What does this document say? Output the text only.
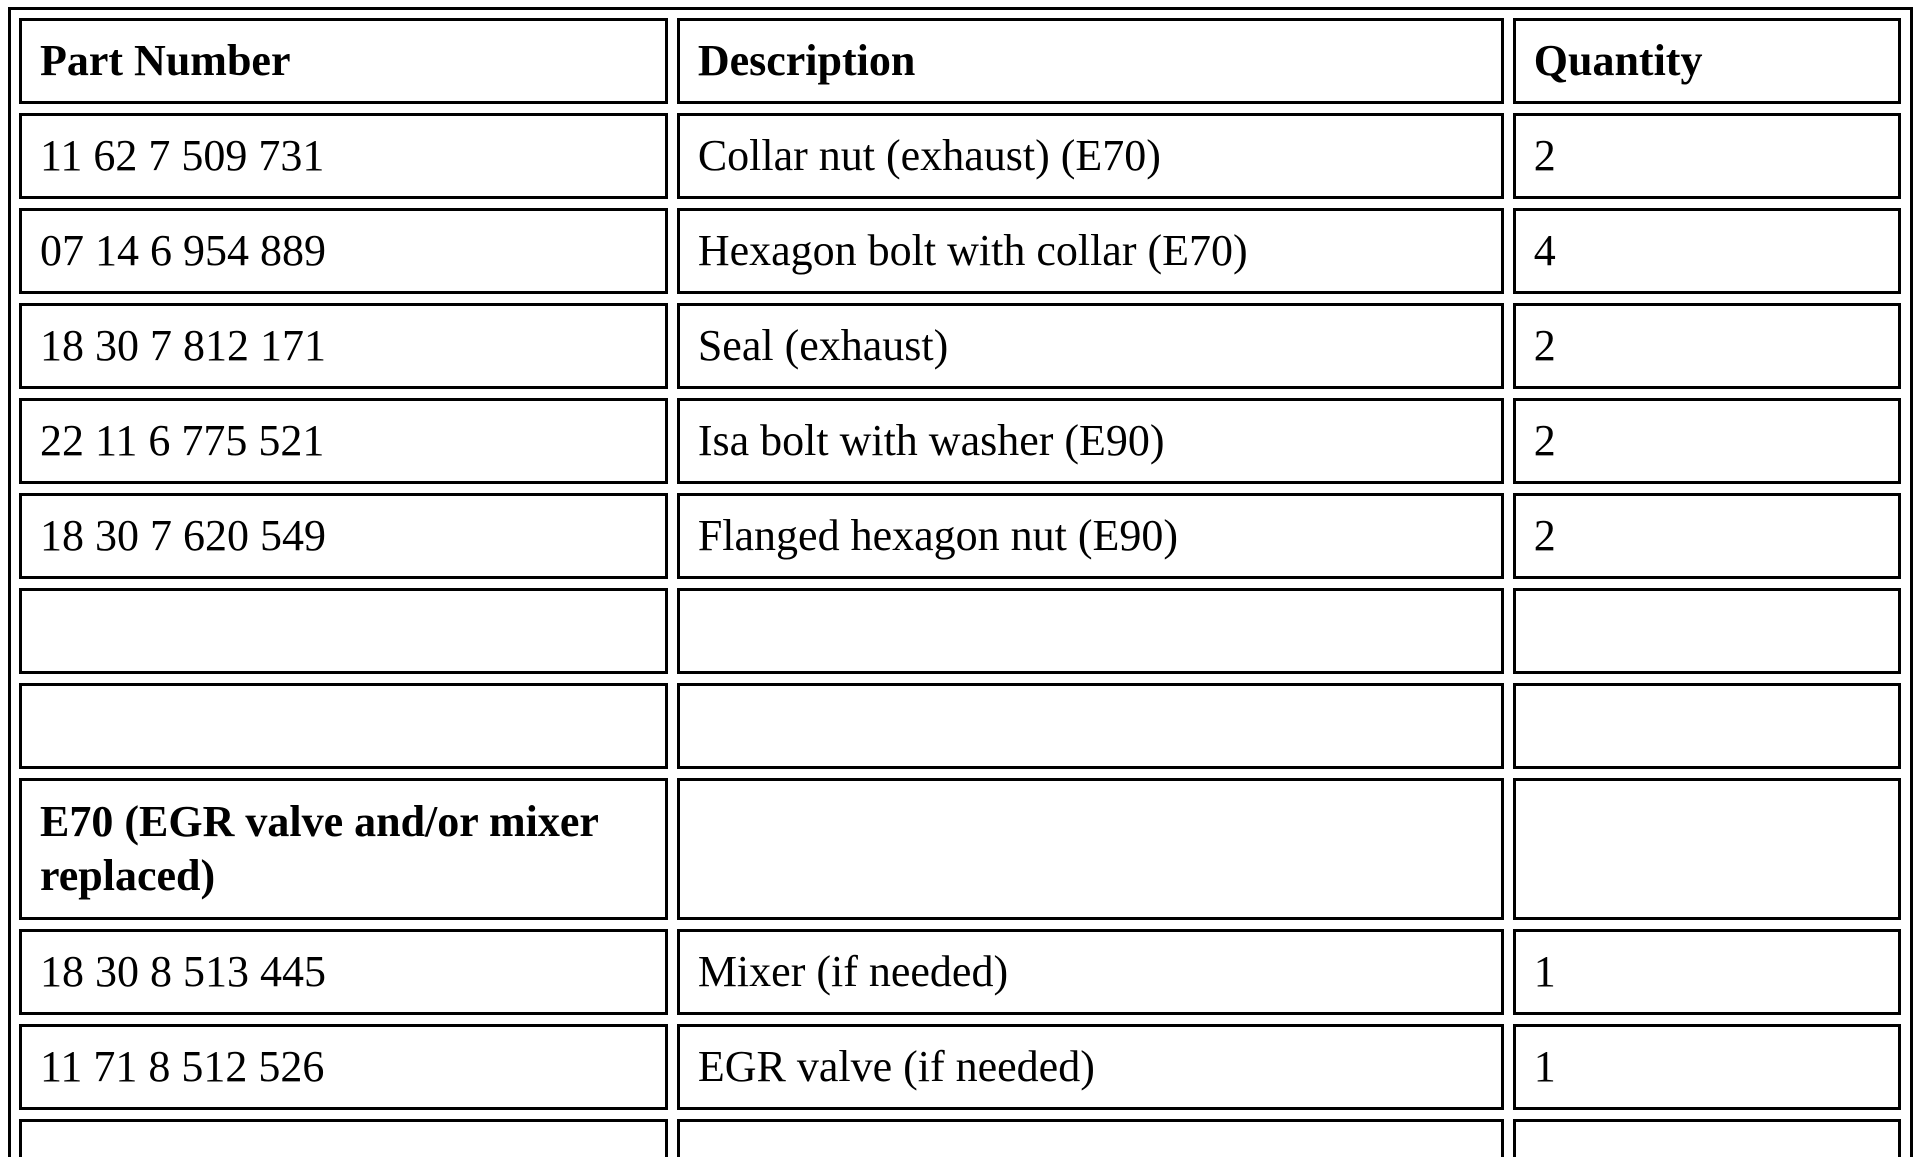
Part Number	Description	Quantity
11 62 7 509 731	Collar nut (exhaust) (E70)	2
07 14 6 954 889	Hexagon bolt with collar (E70)	4
18 30 7 812 171	Seal (exhaust)	2
22 11 6 775 521	Isa bolt with washer (E90)	2
18 30 7 620 549	Flanged hexagon nut (E90)	2

E70 (EGR valve and/or mixer replaced)		
18 30 8 513 445	Mixer (if needed)	1
11 71 8 512 526	EGR valve (if needed)	1
